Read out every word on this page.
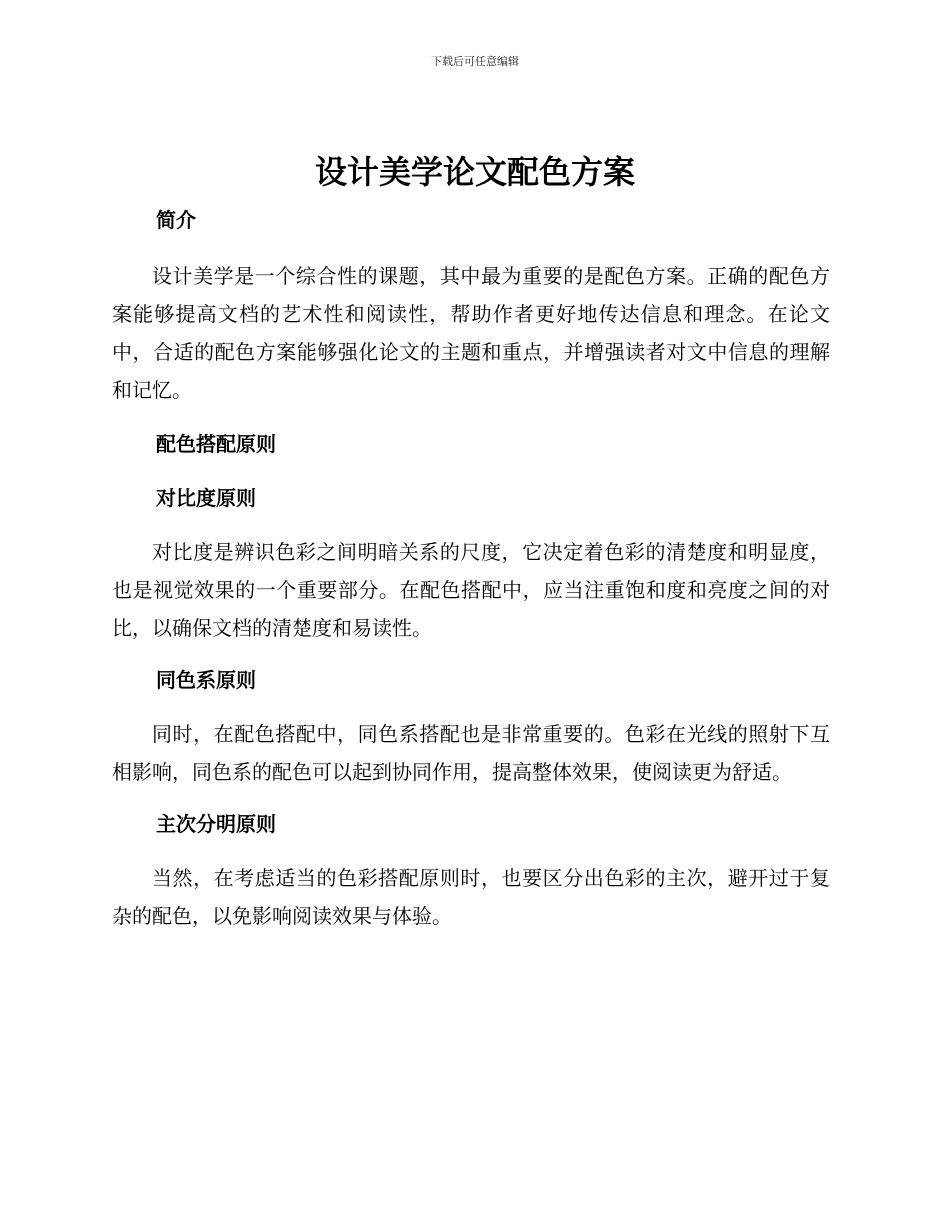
下载后可任意编辑
设计美学论文配色方案
简介

设计美学是一个综合性的课题，其中最为重要的是配色方案。正确的配色方案能够提高文档的艺术性和阅读性，帮助作者更好地传达信息和理念。在论文中，合适的配色方案能够强化论文的主题和重点，并增强读者对文中信息的理解和记忆。

配色搭配原则
对比度原则

对比度是辨识色彩之间明暗关系的尺度，它决定着色彩的清楚度和明显度，也是视觉效果的一个重要部分。在配色搭配中，应当注重饱和度和亮度之间的对比，以确保文档的清楚度和易读性。

同色系原则

同时，在配色搭配中，同色系搭配也是非常重要的。色彩在光线的照射下互相影响，同色系的配色可以起到协同作用，提高整体效果，使阅读更为舒适。

主次分明原则

当然，在考虑适当的色彩搭配原则时，也要区分出色彩的主次，避开过于复杂的配色，以免影响阅读效果与体验。
